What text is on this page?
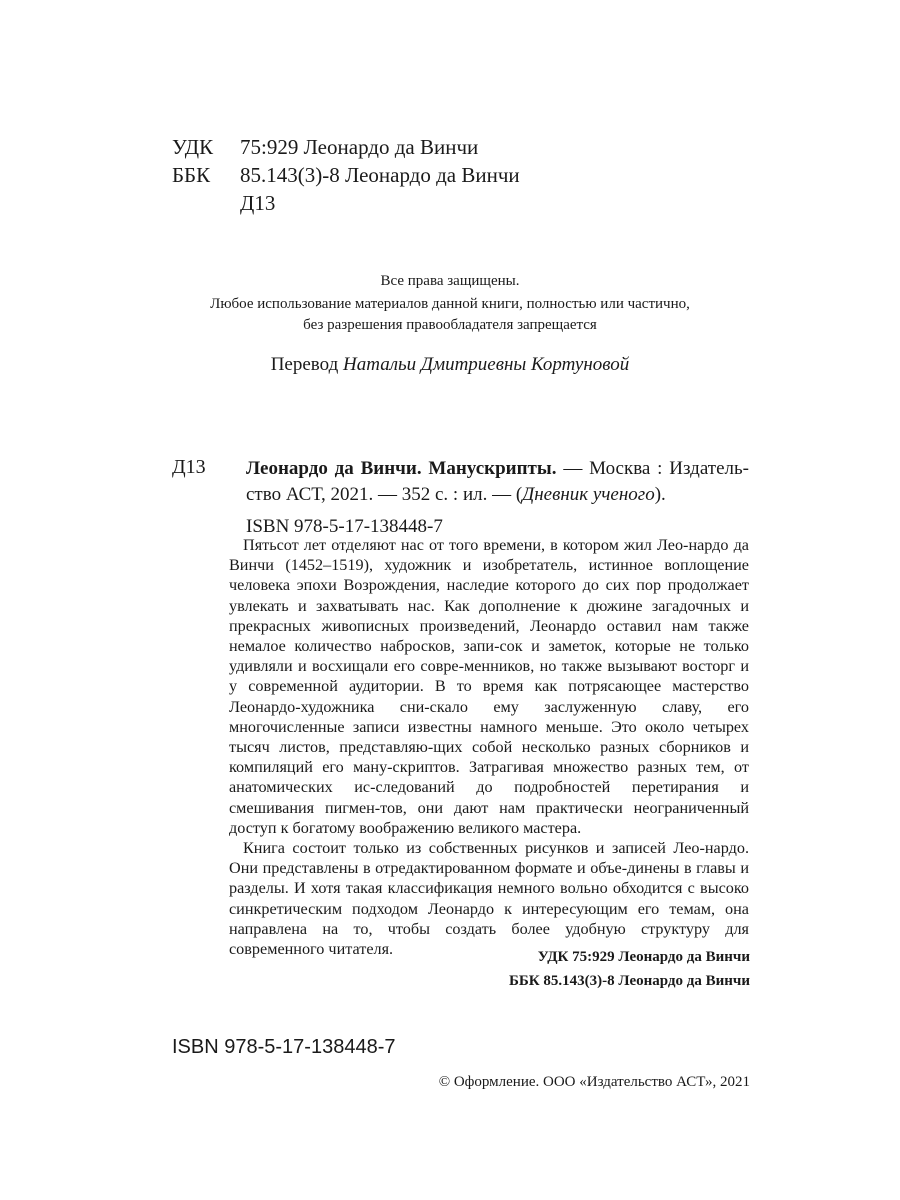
УДК 75:929 Леонардо да Винчи
ББК 85.143(3)-8 Леонардо да Винчи
Д13
Все права защищены.
Любое использование материалов данной книги, полностью или частично,
без разрешения правообладателя запрещается
Перевод Натальи Дмитриевны Кортуновой
Д13 Леонардо да Винчи. Манускрипты. — Москва : Издатель-ство АСТ, 2021. — 352 с. : ил. — (Дневник ученого).
ISBN 978-5-17-138448-7

Пятьсот лет отделяют нас от того времени, в котором жил Лео-нардо да Винчи (1452–1519), художник и изобретатель, истинное воплощение человека эпохи Возрождения, наследие которого до сих пор продолжает увлекать и захватывать нас. Как дополнение к дюжине загадочных и прекрасных живописных произведений, Леонардо оставил нам также немалое количество набросков, запи-сок и заметок, которые не только удивляли и восхищали его совре-менников, но также вызывают восторг и у современной аудитории. В то время как потрясающее мастерство Леонардо-художника сни-скало ему заслуженную славу, его многочисленные записи известны намного меньше. Это около четырех тысяч листов, представляю-щих собой несколько разных сборников и компиляций его ману-скриптов. Затрагивая множество разных тем, от анатомических ис-следований до подробностей перетирания и смешивания пигмен-тов, они дают нам практически неограниченный доступ к богатому воображению великого мастера.

Книга состоит только из собственных рисунков и записей Лео-нардо. Они представлены в отредактированном формате и объе-динены в главы и разделы. И хотя такая классификация немного вольно обходится с высоко синкретическим подходом Леонардо к интересующим его темам, она направлена на то, чтобы создать более удобную структуру для современного читателя.	УДК 75:929 Леонардо да Винчи
ББК 85.143(3)-8 Леонардо да Винчи
ISBN 978-5-17-138448-7
© Оформление. ООО «Издательство АСТ», 2021
